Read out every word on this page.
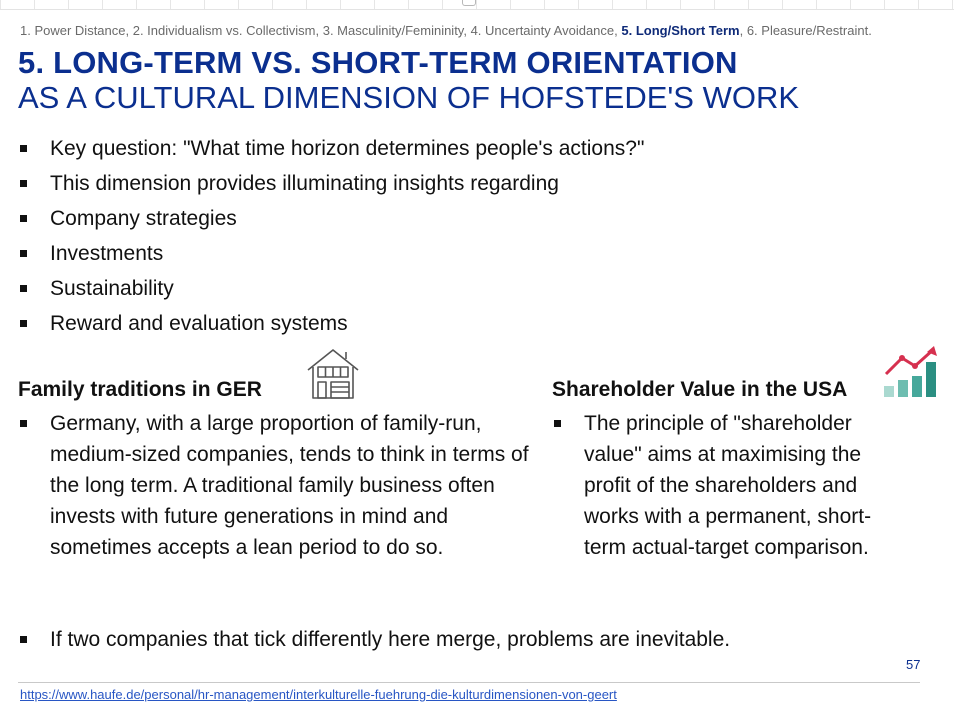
1. Power Distance, 2. Individualism vs. Collectivism, 3. Masculinity/Femininity, 4. Uncertainty Avoidance, 5. Long/Short Term, 6. Pleasure/Restraint.
5. LONG-TERM VS. SHORT-TERM ORIENTATION
AS A CULTURAL DIMENSION OF HOFSTEDE'S WORK
Key question: "What time horizon determines people's actions?"
This dimension provides illuminating insights regarding
Company strategies
Investments
Sustainability
Reward and evaluation systems
Family traditions in GER
Germany, with a large proportion of family-run, medium-sized companies, tends to think in terms of the long term. A traditional family business often invests with future generations in mind and sometimes accepts a lean period to do so.
Shareholder Value in the USA
The principle of "shareholder value" aims at maximising the profit of the shareholders and works with a permanent, short-term actual-target comparison.
If two companies that tick differently here merge, problems are inevitable.
57
https://www.haufe.de/personal/hr-management/interkulturelle-fuehrung-die-kulturdimensionen-von-geert
